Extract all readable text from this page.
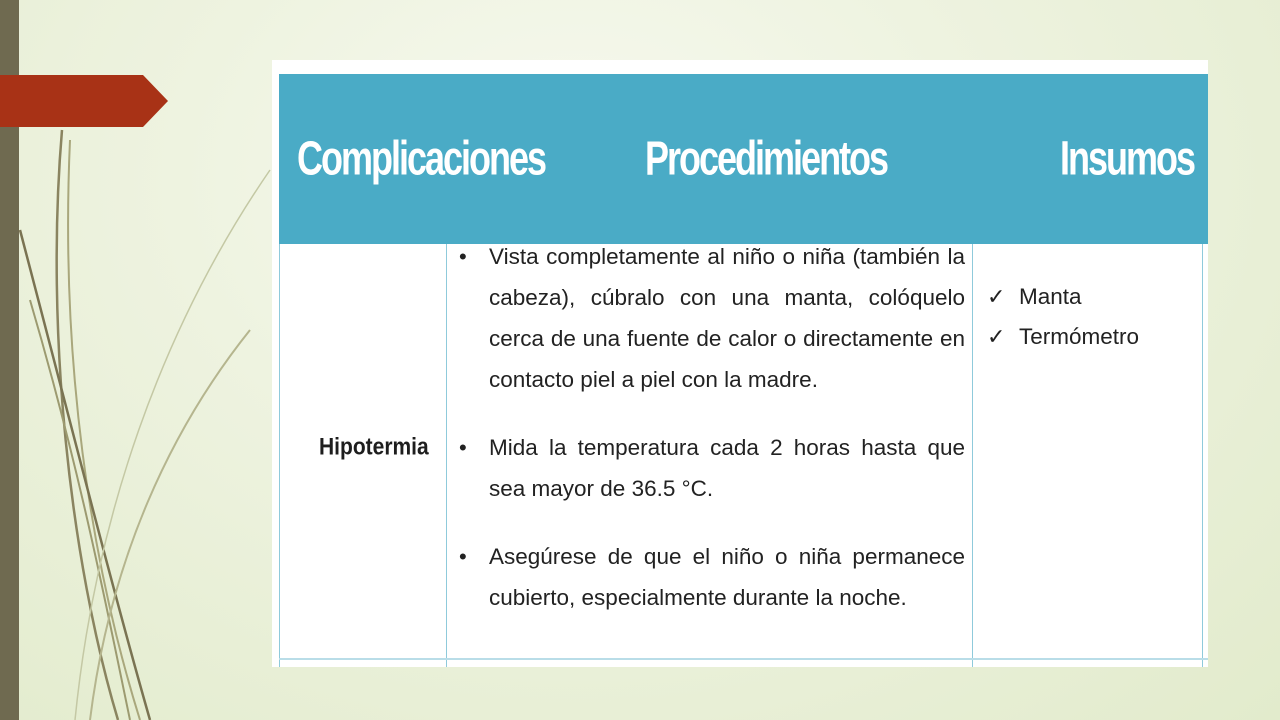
Complicaciones	Procedimientos	Insumos
Hipotermia
• Vista completamente al niño o niña (también la cabeza), cúbralo con una manta, colóquelo cerca de una fuente de calor o directamente en contacto piel a piel con la madre.
• Mida la temperatura cada 2 horas hasta que sea mayor de 36.5 °C.
• Asegúrese de que el niño o niña permanece cubierto, especialmente durante la noche.
✓ Manta
✓ Termómetro
